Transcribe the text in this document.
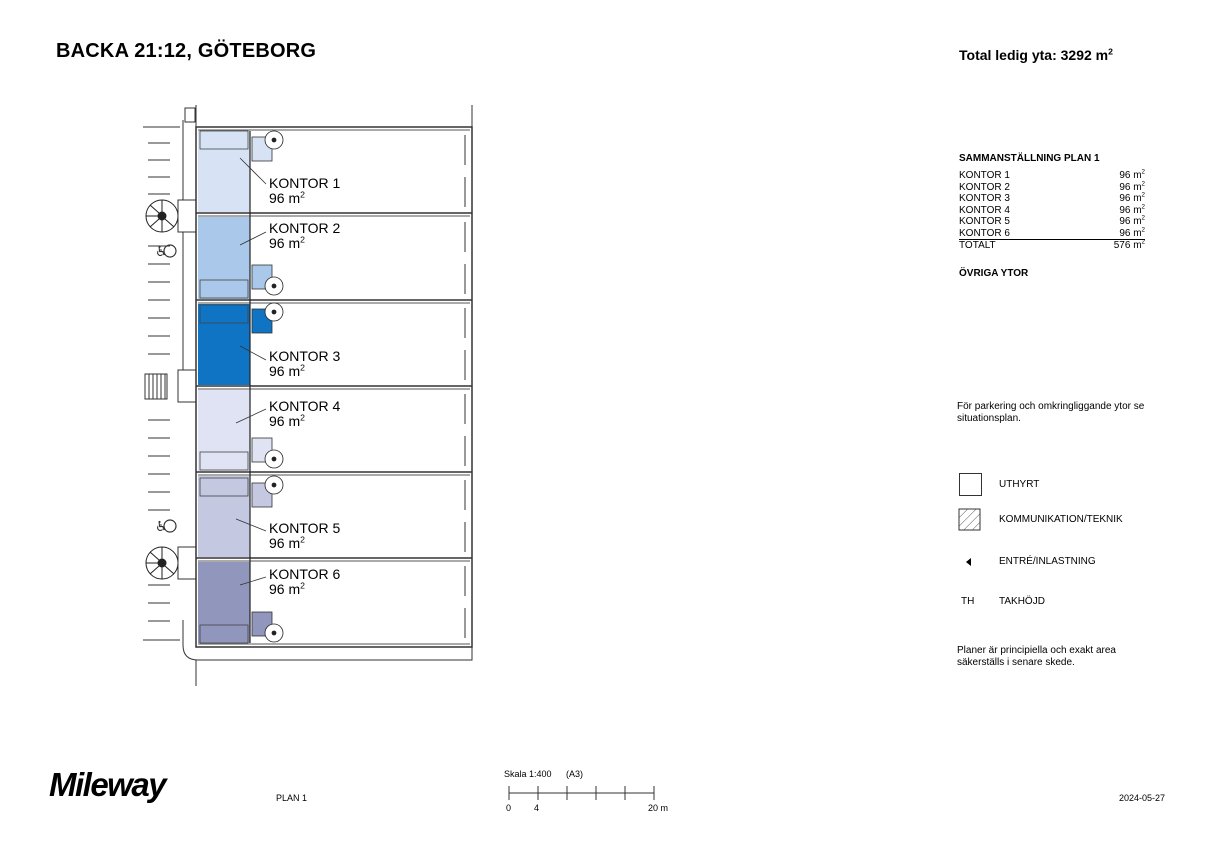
BACKA 21:12, GÖTEBORG	Total ledig yta: 3292 $m^2$
♿
♿
KONTOR 1
96 $m^2$
KONTOR 2
96 $m^2$
KONTOR 3
96 $m^2$
KONTOR 4
96 $m^2$
KONTOR 5
96 $m^2$
KONTOR 6
96 $m^2$
SAMMANSTÄLLNING PLAN 1
KONTOR 1	96 $m^2$
KONTOR 2	96 $m^2$
KONTOR 3	96 $m^2$
KONTOR 4	96 $m^2$
KONTOR 5	96 $m^2$
KONTOR 6	96 $m^2$
TOTALT	576 $m^2$
ÖVRIGA YTOR
För parkering och omkringliggande ytor se situationsplan.
UTHYRT
KOMMUNIKATION/TEKNIK
ENTRÉ/INLASTNING
TH TAKHÖJD
Planer är principiella och exakt area säkerställs i senare skede.
Mileway	PLAN 1
Skala 1:400 (A3)
0	4	20 m
2024-05-27
